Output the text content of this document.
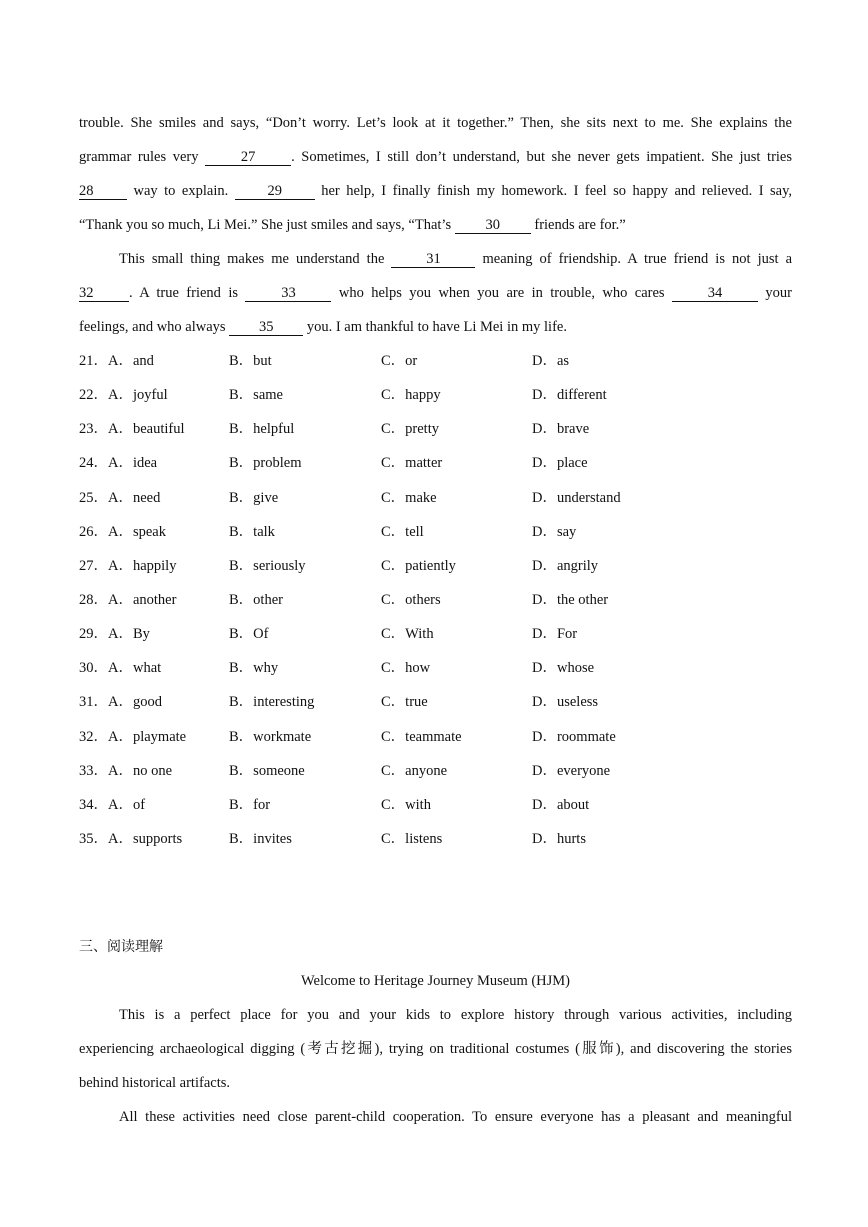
trouble. She smiles and says, “Don’t worry. Let’s look at it together.” Then, she sits next to me. She explains the
grammar rules very	27 . Sometimes, I still don’t understand, but she never gets impatient. She just tries
28	way to explain.	29	her help, I finally finish my homework. I feel so happy and relieved. I say,
“Thank you so much, Li Mei.” She just smiles and says, “That’s 30 friends are for.”
This small thing makes me understand the	31	meaning of friendship. A true friend is not just a
32 . A true friend is	33	who helps you when you are in trouble, who cares	34	your
feelings, and who always 35 you. I am thankful to have Li Mei in my life.
21．A．and	B．but	C．or	D．as
22．A．joyful	B．same	C．happy	D．different
23．A．beautiful	B．helpful	C．pretty	D．brave
24．A．idea	B．problem	C．matter	D．place
25．A．need	B．give	C．make	D．understand
26．A．speak	B．talk	C．tell	D．say
27．A．happily	B．seriously	C．patiently	D．angrily
28．A．another	B．other	C．others	D．the other
29．A．By	B．Of	C．With	D．For
30．A．what	B．why	C．how	D．whose
31．A．good	B．interesting	C．true	D．useless
32．A．playmate	B．workmate	C．teammate	D．roommate
33．A．no one	B．someone	C．anyone	D．everyone
34．A．of	B．for	C．with	D．about
35．A．supports	B．invites	C．listens	D．hurts
三、阅读理解
Welcome to Heritage Journey Museum (HJM)
This is a perfect place for you and your kids to explore history through various activities, including
experiencing archaeological digging (考古挖掘), trying on traditional costumes (服饰), and discovering the stories
behind historical artifacts.
All these activities need close parent-child cooperation. To ensure everyone has a pleasant and meaningful
